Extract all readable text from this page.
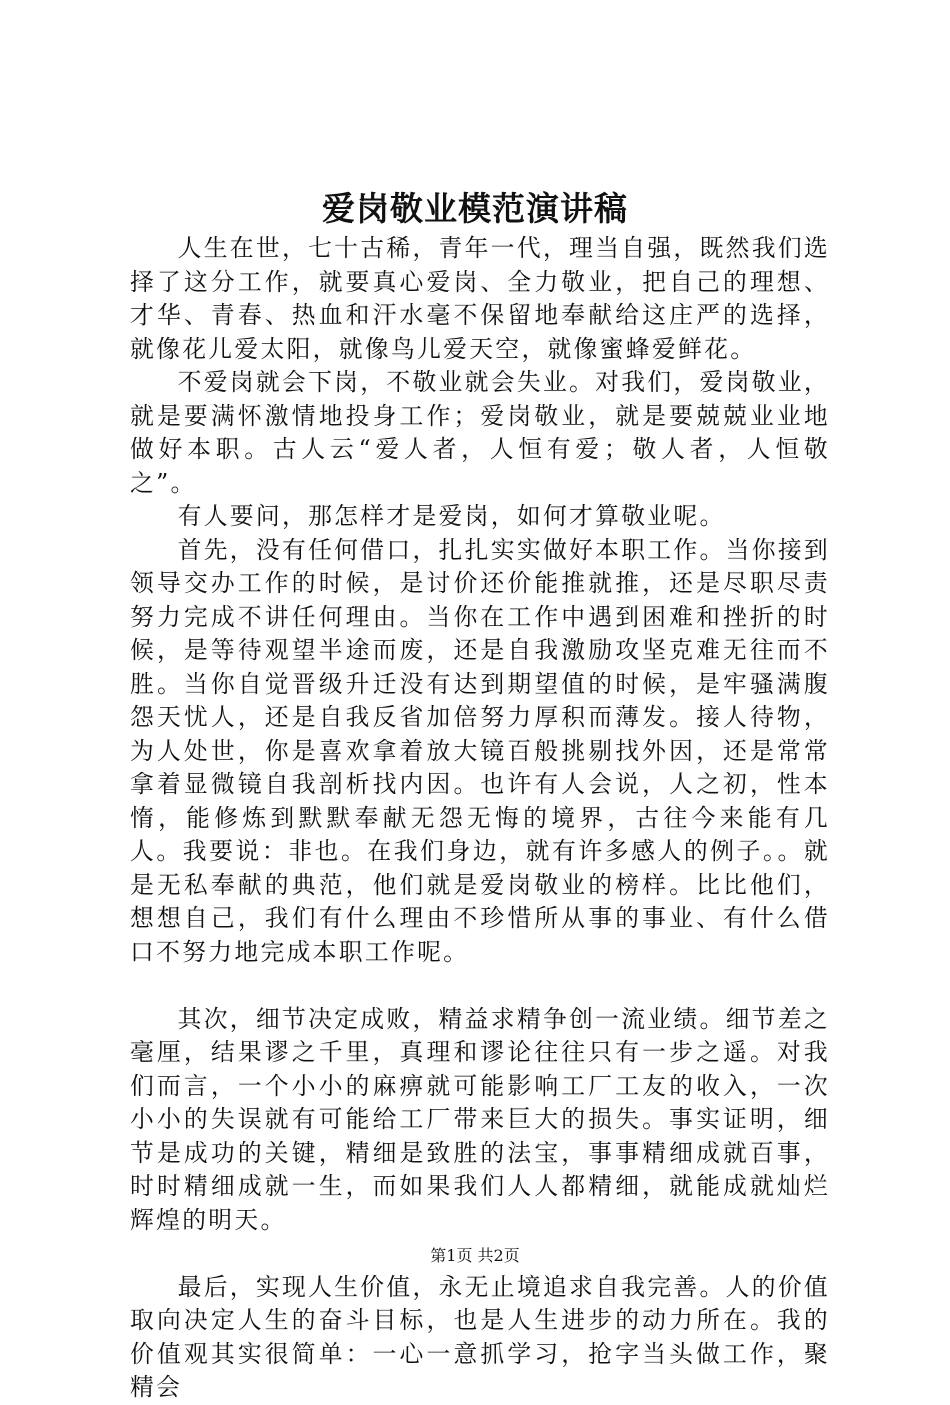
爱岗敬业模范演讲稿

人生在世，七十古稀，青年一代，理当自强，既然我们选择了这分工作，就要真心爱岗、全力敬业，把自己的理想、才华、青春、热血和汗水毫不保留地奉献给这庄严的选择，就像花儿爱太阳，就像鸟儿爱天空，就像蜜蜂爱鲜花。

不爱岗就会下岗，不敬业就会失业。对我们，爱岗敬业，就是要满怀激情地投身工作；爱岗敬业，就是要兢兢业业地做好本职。古人云“爱人者，人恒有爱；敬人者，人恒敬之”。

有人要问，那怎样才是爱岗，如何才算敬业呢。

首先，没有任何借口，扎扎实实做好本职工作。当你接到领导交办工作的时候，是讨价还价能推就推，还是尽职尽责努力完成不讲任何理由。当你在工作中遇到困难和挫折的时候，是等待观望半途而废，还是自我激励攻坚克难无往而不胜。当你自觉晋级升迁没有达到期望值的时候，是牢骚满腹怨天忧人，还是自我反省加倍努力厚积而薄发。接人待物，为人处世，你是喜欢拿着放大镜百般挑剔找外因，还是常常拿着显微镜自我剖析找内因。也许有人会说，人之初，性本惰，能修炼到默默奉献无怨无悔的境界，古往今来能有几人。我要说：非也。在我们身边，就有许多感人的例子。。就是无私奉献的典范，他们就是爱岗敬业的榜样。比比他们，想想自己，我们有什么理由不珍惜所从事的事业、有什么借口不努力地完成本职工作呢。

其次，细节决定成败，精益求精争创一流业绩。细节差之毫厘，结果谬之千里，真理和谬论往往只有一步之遥。对我们而言，一个小小的麻痹就可能影响工厂工友的收入，一次小小的失误就有可能给工厂带来巨大的损失。事实证明，细节是成功的关键，精细是致胜的法宝，事事精细成就百事，时时精细成就一生，而如果我们人人都精细，就能成就灿烂辉煌的明天。

最后，实现人生价值，永无止境追求自我完善。人的价值取向决定人生的奋斗目标，也是人生进步的动力所在。我的价值观其实很简单：一心一意抓学习，抢字当头做工作，聚精会

第1页 共2页
